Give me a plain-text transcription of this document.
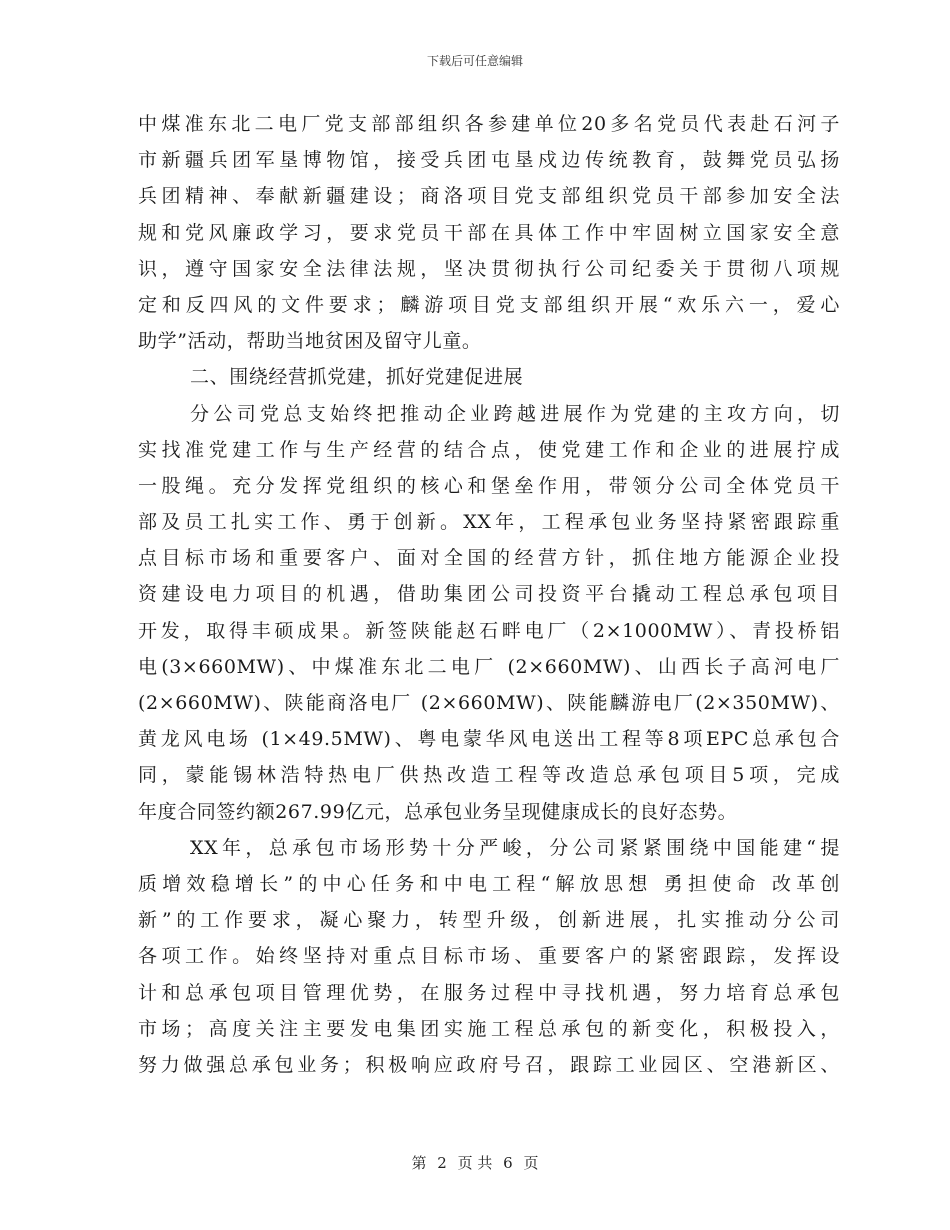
下载后可任意编辑
中煤准东北二电厂党支部部组织各参建单位20多名党员代表赴石河子
市新疆兵团军垦博物馆，接受兵团屯垦戍边传统教育，鼓舞党员弘扬
兵团精神、奉献新疆建设；商洛项目党支部组织党员干部参加安全法
规和党风廉政学习，要求党员干部在具体工作中牢固树立国家安全意
识，遵守国家安全法律法规，坚决贯彻执行公司纪委关于贯彻八项规
定和反四风的文件要求；麟游项目党支部组织开展“欢乐六一，爱心
助学”活动，帮助当地贫困及留守儿童。
二、围绕经营抓党建，抓好党建促进展
分公司党总支始终把推动企业跨越进展作为党建的主攻方向，切
实找准党建工作与生产经营的结合点，使党建工作和企业的进展拧成
一股绳。充分发挥党组织的核心和堡垒作用，带领分公司全体党员干
部及员工扎实工作、勇于创新。XX年，工程承包业务坚持紧密跟踪重
点目标市场和重要客户、面对全国的经营方针，抓住地方能源企业投
资建设电力项目的机遇，借助集团公司投资平台撬动工程总承包项目
开发，取得丰硕成果。新签陕能赵石畔电厂（2×1000MW）、青投桥铝
电(3×660MW)、中煤准东北二电厂 (2×660MW)、山西长子高河电厂
(2×660MW)、陕能商洛电厂 (2×660MW)、陕能麟游电厂(2×350MW)、
黄龙风电场 (1×49.5MW)、粤电蒙华风电送出工程等8项EPC总承包合
同，蒙能锡林浩特热电厂供热改造工程等改造总承包项目5项，完成
年度合同签约额267.99亿元，总承包业务呈现健康成长的良好态势。
XX年，总承包市场形势十分严峻，分公司紧紧围绕中国能建“提
质增效稳增长”的中心任务和中电工程“解放思想 勇担使命 改革创
新”的工作要求，凝心聚力，转型升级，创新进展，扎实推动分公司
各项工作。始终坚持对重点目标市场、重要客户的紧密跟踪，发挥设
计和总承包项目管理优势，在服务过程中寻找机遇，努力培育总承包
市场；高度关注主要发电集团实施工程总承包的新变化，积极投入，
努力做强总承包业务；积极响应政府号召，跟踪工业园区、空港新区、
第 2 页 共 6 页
